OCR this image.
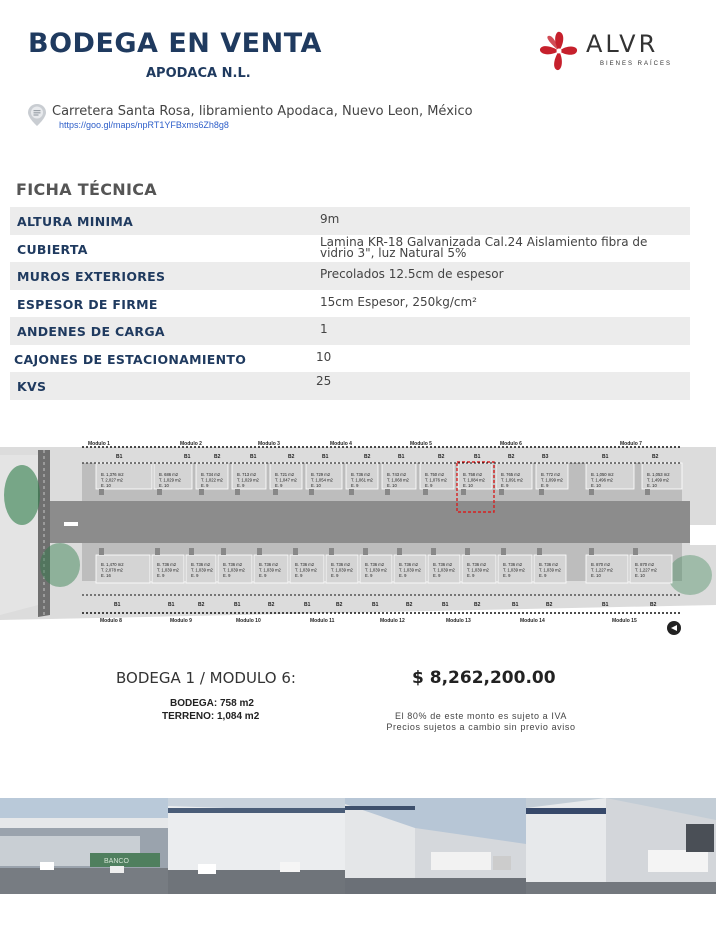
BODEGA EN VENTA
APODACA N.L.
ALVR
BIENES RAÍCES
Carretera Santa Rosa, libramiento Apodaca, Nuevo Leon, México
https://goo.gl/maps/npRT1YFBxms6Zh8g8
FICHA TÉCNICA
ALTURA MINIMA	9m
CUBIERTA	Lamina KR-18 Galvanizada Cal.24 Aislamiento fibra de vidrio 3", luz Natural 5%
MUROS EXTERIORES	Precolados 12.5cm de espesor
ESPESOR DE FIRME	15cm Espesor, 250kg/cm²
ANDENES DE CARGA	1
CAJONES DE ESTACIONAMIENTO	10
KVS	25
B. 1,376 m2
T. 2,027 m2
E. 10
B. 686 m2
T. 1,029 m2
E. 10
B. 734 m2
T. 1,022 m2
E. 9
B. 713 m2
T. 1,029 m2
E. 9
B. 721 m2
T. 1,047 m2
E. 9
B. 729 m2
T. 1,054 m2
E. 10
B. 736 m2
T. 1,061 m2
E. 9
B. 743 m2
T. 1,068 m2
E. 10
B. 750 m2
T. 1,076 m2
E. 9
B. 758 m2
T. 1,084 m2
E. 10
B. 765 m2
T. 1,091 m2
E. 9
B. 772 m2
T. 1,099 m2
E. 9
B. 1,050 m2
T. 1,496 m2
E. 10
B. 1,053 m2
T. 1,499 m2
E. 10
B. 1,470 m2
T. 2,078 m2
E. 16
B. 736 m2
T. 1,039 m2
E. 9
B. 736 m2
T. 1,039 m2
E. 9
B. 736 m2
T. 1,039 m2
E. 9
B. 736 m2
T. 1,039 m2
E. 9
B. 736 m2
T. 1,039 m2
E. 9
B. 736 m2
T. 1,039 m2
E. 9
B. 736 m2
T. 1,039 m2
E. 9
B. 736 m2
T. 1,039 m2
E. 9
B. 736 m2
T. 1,039 m2
E. 9
B. 736 m2
T. 1,039 m2
E. 9
B. 736 m2
T. 1,039 m2
E. 9
B. 736 m2
T. 1,039 m2
E. 9
B. 870 m2
T. 1,227 m2
E. 10
B. 870 m2
T. 1,227 m2
E. 10
Modulo 1	Modulo 2	Modulo 3	Modulo 4	Modulo 5	Modulo 6	Modulo 7
B1	B1	B2	B1	B2	B1	B2	B1	B2	B1	B2	B3	B1	B2
B1	B1	B2	B1	B2	B1	B2	B1	B2	B1	B2	B1	B2	B1	B2
Modulo 8	Modulo 9	Modulo 10	Modulo 11	Modulo 12	Modulo 13	Modulo 14	Modulo 15
BODEGA 1 / MODULO 6:	$ 8,262,200.00
BODEGA: 758 m2
TERRENO: 1,084 m2	El 80% de este monto es sujeto a IVA
Precios sujetos a cambio sin previo aviso
BANCO
